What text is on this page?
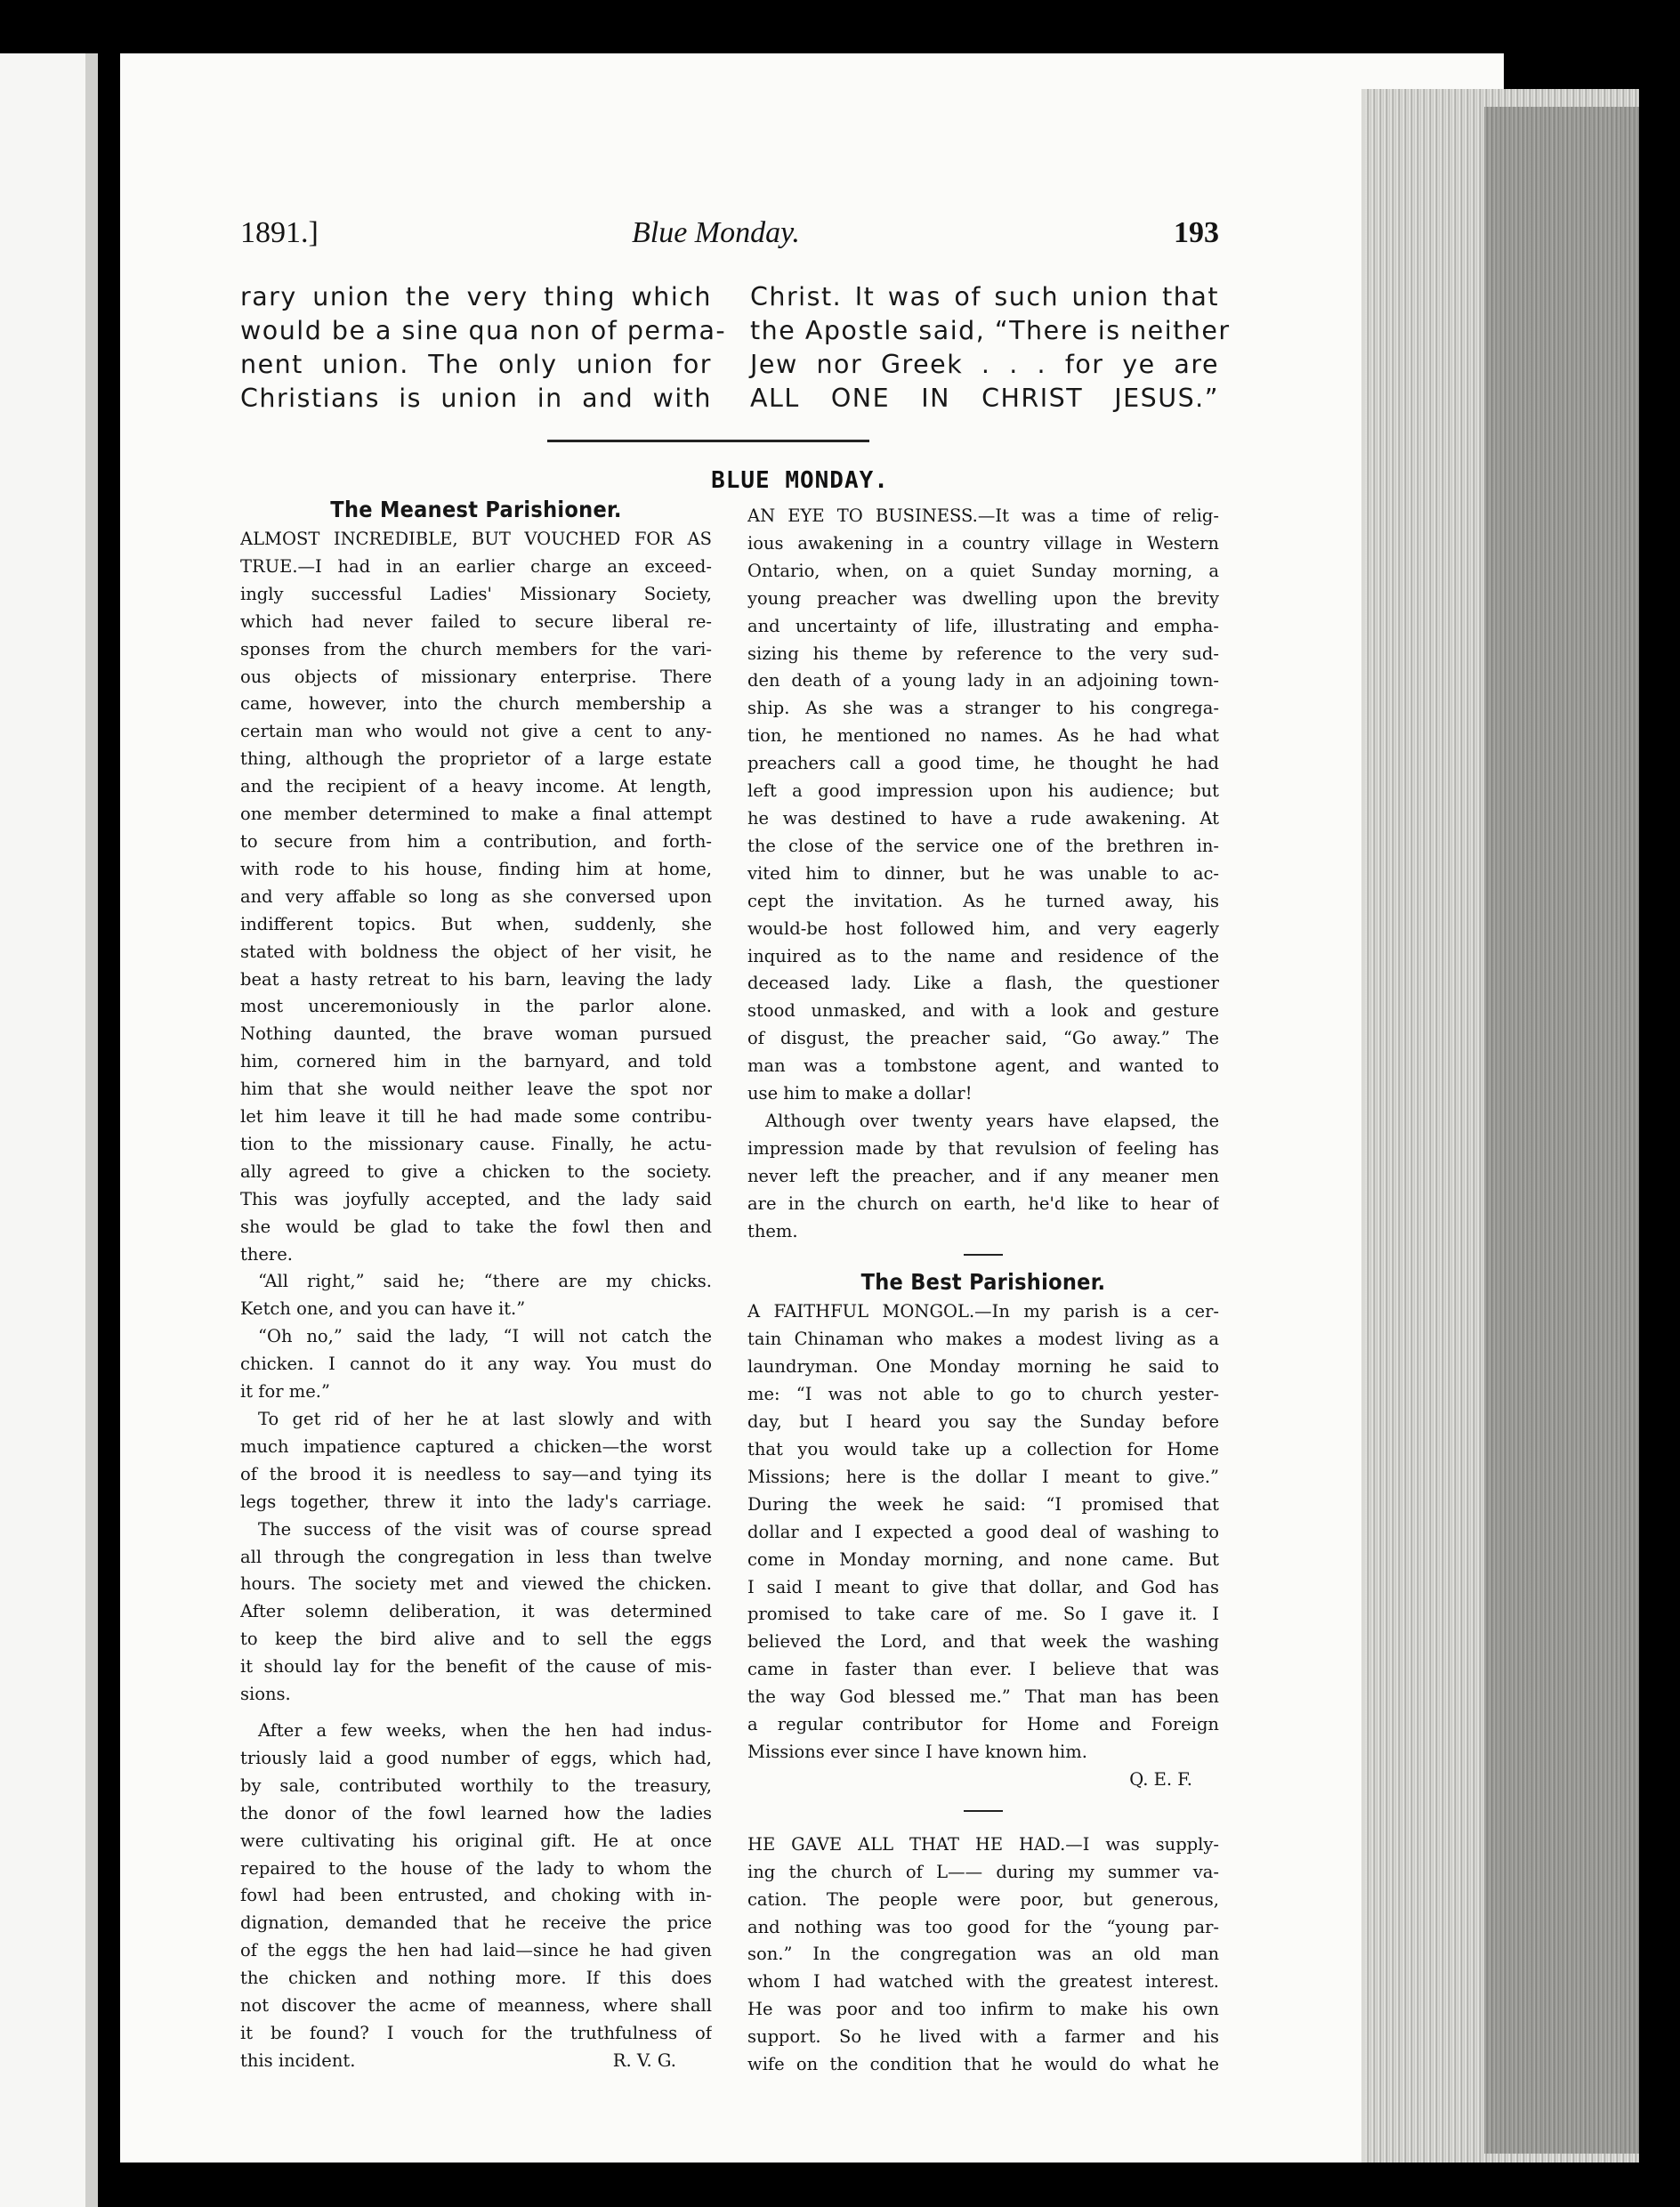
1891.]	Blue Monday.	193
rary union the very thing which
would be a sine qua non of perma-
nent union. The only union for
Christians is union in and with
Christ. It was of such union that
the Apostle said, “There is neither
Jew nor Greek . . . for ye are
ALL ONE IN CHRIST JESUS.”
BLUE MONDAY.
The Meanest Parishioner.
ALMOST INCREDIBLE, BUT VOUCHED FOR AS
TRUE.—I had in an earlier charge an exceed-
ingly successful Ladies' Missionary Society,
which had never failed to secure liberal re-
sponses from the church members for the vari-
ous objects of missionary enterprise. There
came, however, into the church membership a
certain man who would not give a cent to any-
thing, although the proprietor of a large estate
and the recipient of a heavy income. At length,
one member determined to make a final attempt
to secure from him a contribution, and forth-
with rode to his house, finding him at home,
and very affable so long as she conversed upon
indifferent topics. But when, suddenly, she
stated with boldness the object of her visit, he
beat a hasty retreat to his barn, leaving the lady
most unceremoniously in the parlor alone.
Nothing daunted, the brave woman pursued
him, cornered him in the barnyard, and told
him that she would neither leave the spot nor
let him leave it till he had made some contribu-
tion to the missionary cause. Finally, he actu-
ally agreed to give a chicken to the society.
This was joyfully accepted, and the lady said
she would be glad to take the fowl then and
there.
“All right,” said he; “there are my chicks.
Ketch one, and you can have it.”
“Oh no,” said the lady, “I will not catch the
chicken. I cannot do it any way. You must do
it for me.”
To get rid of her he at last slowly and with
much impatience captured a chicken—the worst
of the brood it is needless to say—and tying its
legs together, threw it into the lady's carriage.
The success of the visit was of course spread
all through the congregation in less than twelve
hours. The society met and viewed the chicken.
After solemn deliberation, it was determined
to keep the bird alive and to sell the eggs
it should lay for the benefit of the cause of mis-
sions.
After a few weeks, when the hen had indus-
triously laid a good number of eggs, which had,
by sale, contributed worthily to the treasury,
the donor of the fowl learned how the ladies
were cultivating his original gift. He at once
repaired to the house of the lady to whom the
fowl had been entrusted, and choking with in-
dignation, demanded that he receive the price
of the eggs the hen had laid—since he had given
the chicken and nothing more. If this does
not discover the acme of meanness, where shall
it be found? I vouch for the truthfulness of
this incident.	R. V. G.
AN EYE TO BUSINESS.—It was a time of relig-
ious awakening in a country village in Western
Ontario, when, on a quiet Sunday morning, a
young preacher was dwelling upon the brevity
and uncertainty of life, illustrating and empha-
sizing his theme by reference to the very sud-
den death of a young lady in an adjoining town-
ship. As she was a stranger to his congrega-
tion, he mentioned no names. As he had what
preachers call a good time, he thought he had
left a good impression upon his audience; but
he was destined to have a rude awakening. At
the close of the service one of the brethren in-
vited him to dinner, but he was unable to ac-
cept the invitation. As he turned away, his
would-be host followed him, and very eagerly
inquired as to the name and residence of the
deceased lady. Like a flash, the questioner
stood unmasked, and with a look and gesture
of disgust, the preacher said, “Go away.” The
man was a tombstone agent, and wanted to
use him to make a dollar!
Although over twenty years have elapsed, the
impression made by that revulsion of feeling has
never left the preacher, and if any meaner men
are in the church on earth, he'd like to hear of
them.
The Best Parishioner.
A FAITHFUL MONGOL.—In my parish is a cer-
tain Chinaman who makes a modest living as a
laundryman. One Monday morning he said to
me: “I was not able to go to church yester-
day, but I heard you say the Sunday before
that you would take up a collection for Home
Missions; here is the dollar I meant to give.”
During the week he said: “I promised that
dollar and I expected a good deal of washing to
come in Monday morning, and none came. But
I said I meant to give that dollar, and God has
promised to take care of me. So I gave it. I
believed the Lord, and that week the washing
came in faster than ever. I believe that was
the way God blessed me.” That man has been
a regular contributor for Home and Foreign
Missions ever since I have known him.
Q. E. F.
HE GAVE ALL THAT HE HAD.—I was supply-
ing the church of L—— during my summer va-
cation. The people were poor, but generous,
and nothing was too good for the “young par-
son.” In the congregation was an old man
whom I had watched with the greatest interest.
He was poor and too infirm to make his own
support. So he lived with a farmer and his
wife on the condition that he would do what he
